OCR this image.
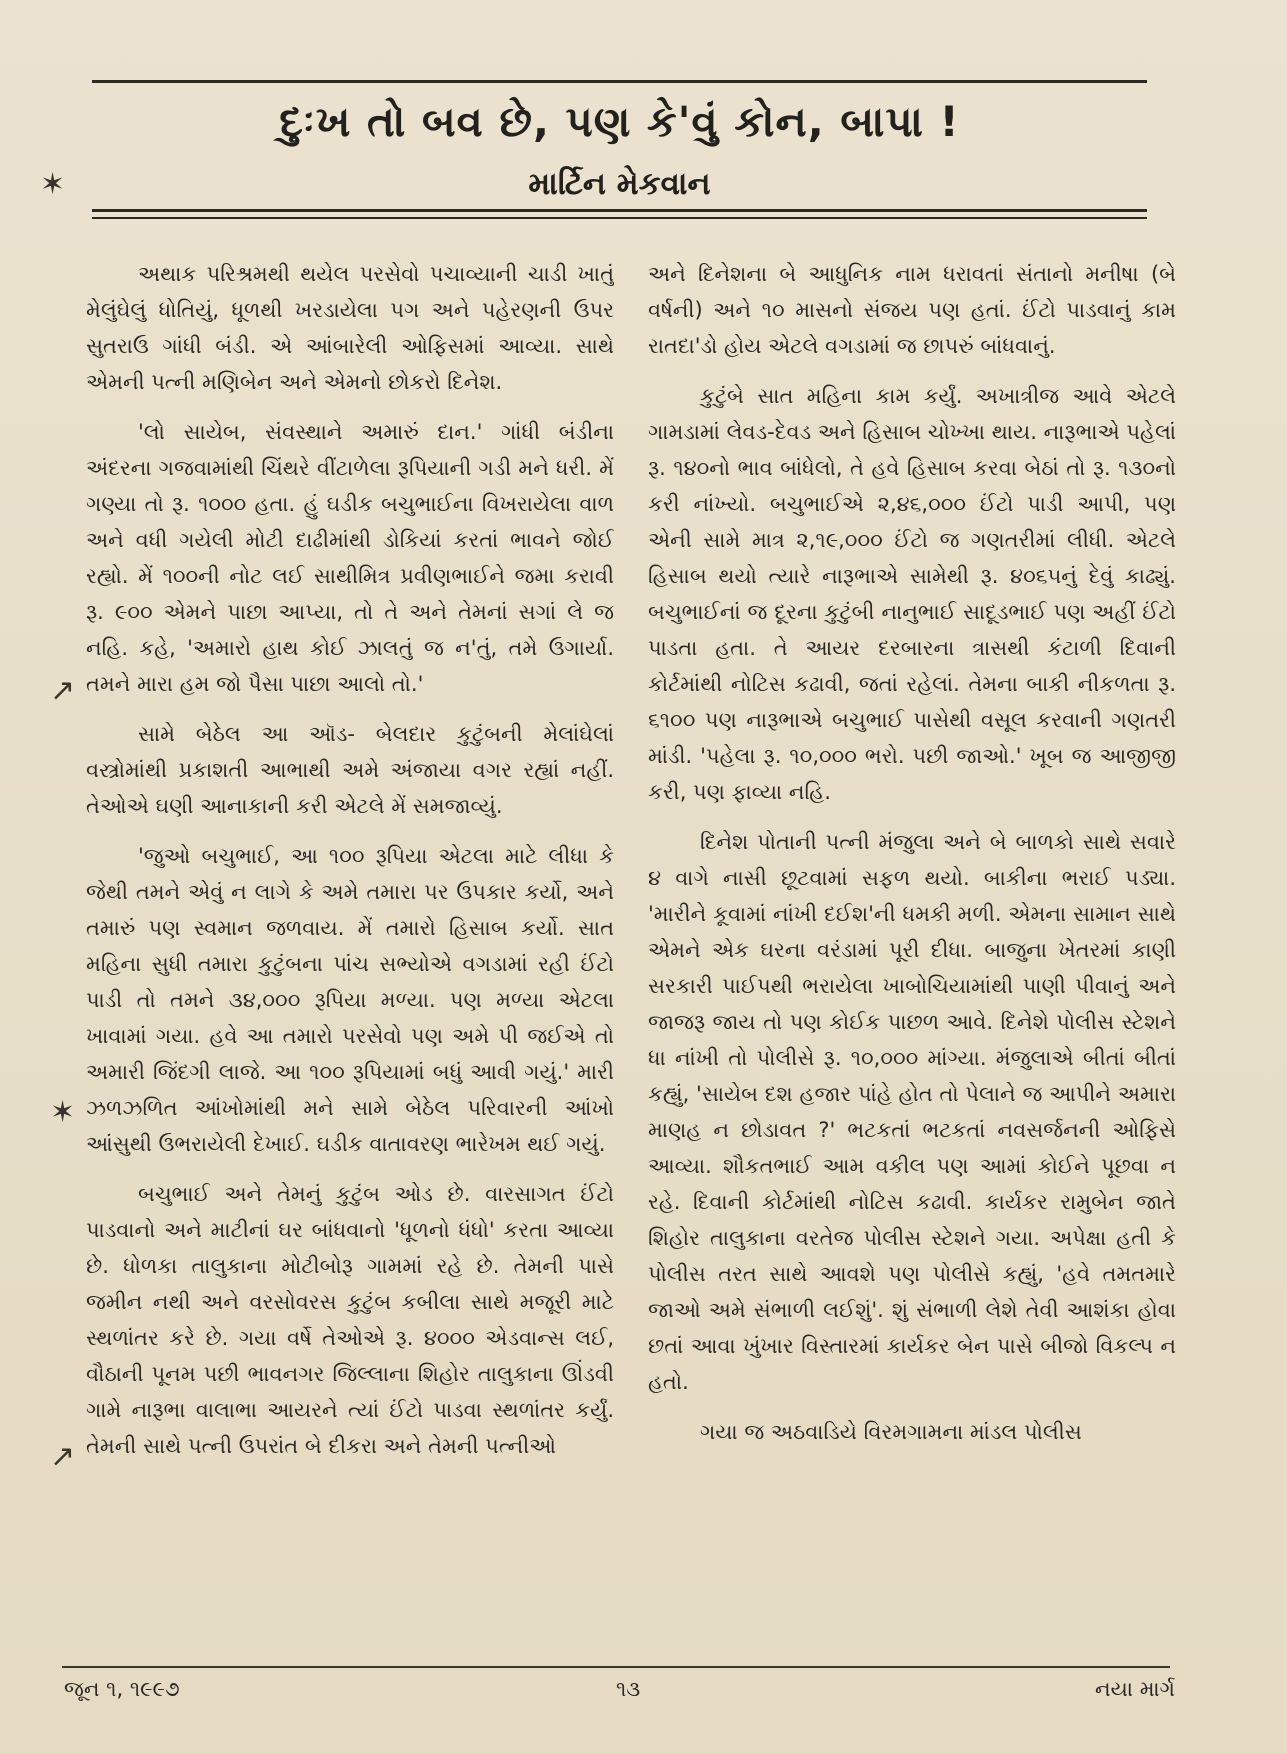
દુઃખ તો બવ છે, પણ કે'વું કોન, બાપા !
માર્ટિન મેકવાન
✶
↗
✶
↗

અથાક પરિશ્રમથી થયેલ પરસેવો પચાવ્યાની ચાડી ખાતું મેલુંઘેલું ધોતિયું, ધૂળથી ખરડાયેલા પગ અને પહેરણની ઉપર સુતરાઉ ગાંધી બંડી. એ આંબારેલી ઓફિસમાં આવ્યા. સાથે એમની પત્ની મણિબેન અને એમનો છોકરો દિનેશ.

'લો સાયેબ, સંવસ્થાને અમારું દાન.' ગાંધી બંડીના અંદરના ગજવામાંથી ચિંથરે વીંટાળેલા રૂપિયાની ગડી મને ધરી. મેં ગણ્યા તો રૂ. ૧૦૦૦ હતા. હું ઘડીક બચુભાઈના વિખરાયેલા વાળ અને વધી ગયેલી મોટી દાઢીમાંથી ડોકિયાં કરતાં ભાવને જોઈ રહ્યો. મેં ૧૦૦ની નોટ લઈ સાથીમિત્ર પ્રવીણભાઈને જમા કરાવી રૂ. ૯૦૦ એમને પાછા આપ્યા, તો તે અને તેમનાં સગાં લે જ નહિ. કહે, 'અમારો હાથ કોઈ ઝાલતું જ ન'તું, તમે ઉગાર્યા. તમને મારા હમ જો પૈસા પાછા આલો તો.'

સામે બેઠેલ આ ઑડ- બેલદાર કુટુંબની મેલાંઘેલાં વસ્ત્રોમાંથી પ્રકાશતી આભાથી અમે અંજાયા વગર રહ્યાં નહીં. તેઓએ ઘણી આનાકાની કરી એટલે મેં સમજાવ્યું.

'જુઓ બચુભાઈ, આ ૧૦૦ રૂપિયા એટલા માટે લીધા કે જેથી તમને એવું ન લાગે કે અમે તમારા પર ઉપકાર કર્યો, અને તમારું પણ સ્વમાન જળવાય. મેં તમારો હિસાબ કર્યો. સાત મહિના સુધી તમારા કુટુંબના પાંચ સભ્યોએ વગડામાં રહી ઈંટો પાડી તો તમને ૩૪,૦૦૦ રૂપિયા મળ્યા. પણ મળ્યા એટલા ખાવામાં ગયા. હવે આ તમારો પરસેવો પણ અમે પી જઈએ તો અમારી જિંદગી લાજે. આ ૧૦૦ રૂપિયામાં બધું આવી ગયું.' મારી ઝળઝળિત આંખોમાંથી મને સામે બેઠેલ પરિવારની આંખો આંસુથી ઉભરાયેલી દેખાઈ. ઘડીક વાતાવરણ ભારેખમ થઈ ગયું.

બચુભાઈ અને તેમનું કુટુંબ ઓડ છે. વારસાગત ઈંટો પાડવાનો અને માટીનાં ઘર બાંધવાનો 'ધૂળનો ધંધો' કરતા આવ્યા છે. ધોળકા તાલુકાના મોટીબોરૂ ગામમાં રહે છે. તેમની પાસે જમીન નથી અને વરસોવરસ કુટુંબ કબીલા સાથે મજૂરી માટે સ્થળાંતર કરે છે. ગયા વર્ષે તેઓએ રૂ. ૪૦૦૦ એડવાન્સ લઈ, વૌઠાની પૂનમ પછી ભાવનગર જિલ્લાના શિહોર તાલુકાના ઊંડવી ગામે નારૂભા વાલાભા આયરને ત્યાં ઈંટો પાડવા સ્થળાંતર કર્યું. તેમની સાથે પત્ની ઉપરાંત બે દીકરા અને તેમની પત્નીઓ

અને દિનેશના બે આધુનિક નામ ધરાવતાં સંતાનો મનીષા (બે વર્ષની) અને ૧૦ માસનો સંજય પણ હતાં. ઈંટો પાડવાનું કામ રાતદા'ડો હોય એટલે વગડામાં જ છાપરું બાંધવાનું.

કુટુંબે સાત મહિના કામ કર્યું. અખાત્રીજ આવે એટલે ગામડામાં લેવડ-દેવડ અને હિસાબ ચોખ્ખા થાય. નારૂભાએ પહેલાં રૂ. ૧૪૦નો ભાવ બાંધેલો, તે હવે હિસાબ કરવા બેઠાં તો રૂ. ૧૩૦નો કરી નાંખ્યો. બચુભાઈએ ૨,૪૬,૦૦૦ ઈંટો પાડી આપી, પણ એની સામે માત્ર ૨,૧૯,૦૦૦ ઈંટો જ ગણતરીમાં લીધી. એટલે હિસાબ થયો ત્યારે નારૂભાએ સામેથી રૂ. ૪૦૬૫નું દેવું કાઢ્યું. બચુભાઈનાં જ દૂરના કુટુંબી નાનુભાઈ સાદૂડભાઈ પણ અહીં ઈંટો પાડતા હતા. તે આયર દરબારના ત્રાસથી કંટાળી દિવાની કોર્ટમાંથી નોટિસ કઢાવી, જતાં રહેલાં. તેમના બાકી નીકળતા રૂ. ૬૧૦૦ પણ નારૂભાએ બચુભાઈ પાસેથી વસૂલ કરવાની ગણતરી માંડી. 'પહેલા રૂ. ૧૦,૦૦૦ ભરો. પછી જાઓ.' ખૂબ જ આજીજી કરી, પણ ફાવ્યા નહિ.

દિનેશ પોતાની પત્ની મંજુલા અને બે બાળકો સાથે સવારે ૪ વાગે નાસી છૂટવામાં સફળ થયો. બાકીના ભરાઈ પડ્યા. 'મારીને કૂવામાં નાંખી દઈશ'ની ધમકી મળી. એમના સામાન સાથે એમને એક ઘરના વરંડામાં પૂરી દીધા. બાજુના ખેતરમાં કાણી સરકારી પાઈપથી ભરાયેલા ખાબોચિયામાંથી પાણી પીવાનું અને જાજરૂ જાય તો પણ કોઈક પાછળ આવે. દિનેશે પોલીસ સ્ટેશને ધા નાંખી તો પોલીસે રૂ. ૧૦,૦૦૦ માંગ્યા. મંજુલાએ બીતાં બીતાં કહ્યું, 'સાયેબ દશ હજાર પાંહે હોત તો પેલાને જ આપીને અમારા માણહ ન છોડાવત ?' ભટકતાં ભટકતાં નવસર્જનની ઓફિસે આવ્યા. શૌકતભાઈ આમ વકીલ પણ આમાં કોઈને પૂછવા ન રહે. દિવાની કોર્ટમાંથી નોટિસ કઢાવી. કાર્યકર રામુબેન જાતે શિહોર તાલુકાના વરતેજ પોલીસ સ્ટેશને ગયા. અપેક્ષા હતી કે પોલીસ તરત સાથે આવશે પણ પોલીસે કહ્યું, 'હવે તમતમારે જાઓ અમે સંભાળી લઈશું'. શું સંભાળી લેશે તેવી આશંકા હોવા છતાં આવા ખુંખાર વિસ્તારમાં કાર્યકર બેન પાસે બીજો વિકલ્પ ન હતો.

ગયા જ અઠવાડિયે વિરમગામના માંડલ પોલીસ

જૂન ૧, ૧૯૯૭	૧૩	નયા માર્ગ
